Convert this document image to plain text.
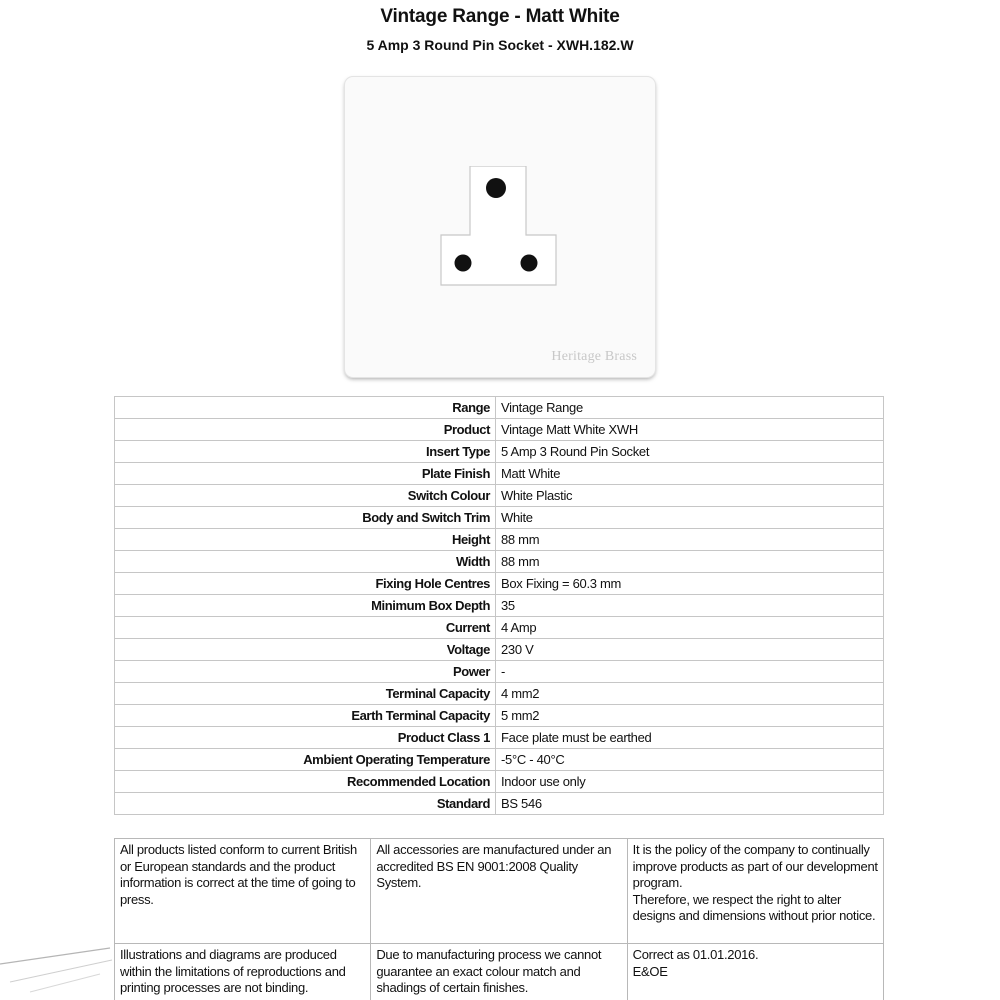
Vintage Range - Matt White
5 Amp 3 Round Pin Socket - XWH.182.W
Heritage Brass
Range	Vintage Range
Product	Vintage Matt White XWH
Insert Type	5 Amp 3 Round Pin Socket
Plate Finish	Matt White
Switch Colour	White Plastic
Body and Switch Trim	White
Height	88 mm
Width	88 mm
Fixing Hole Centres	Box Fixing = 60.3 mm
Minimum Box Depth	35
Current	4 Amp
Voltage	230 V
Power	-
Terminal Capacity	4 mm2
Earth Terminal Capacity	5 mm2
Product Class 1	Face plate must be earthed
Ambient Operating Temperature	-5°C - 40°C
Recommended Location	Indoor use only
Standard	BS 546
All products listed conform to current British or European standards and the product information is correct at the time of going to press.	All accessories are manufactured under an accredited BS EN 9001:2008 Quality System.	It is the policy of the company to continually improve products as part of our development program.
Therefore, we respect the right to alter designs and dimensions without prior notice.

Illustrations and diagrams are produced within the limitations of reproductions and printing processes are not binding.	Due to manufacturing process we cannot guarantee an exact colour match and shadings of certain finishes.	Correct as 01.01.2016.
E&OE
